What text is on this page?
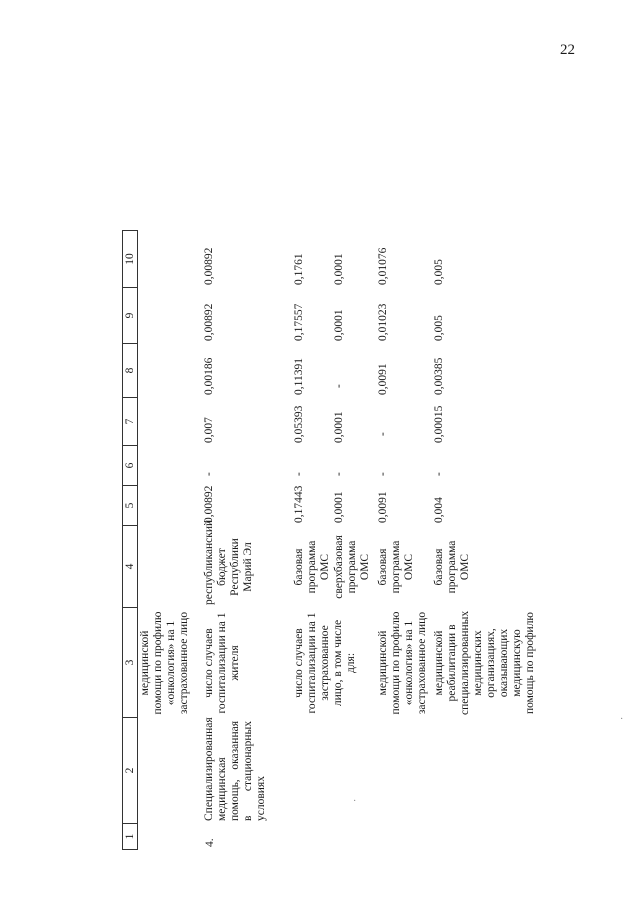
22
1
2
3
4
5
6
7
8
9
10
медицинской помощи по профилю «онкология» на 1 застрахованное лицо
4.
Специализированная медицинская помощь, оказанная в стационарных условиях
число случаев госпитализации на 1 жителя
республиканский бюджет Республики Марий Эл
0,00892
-
0,007
0,00186
0,00892
0,00892
число случаев госпитализации на 1 застрахованное лицо, в том числе для:
базовая программа ОМС
0,17443
-
0,05393
0,11391
0,17557
0,1761
сверхбазовая программа ОМС
0,0001
-
0,0001
-
0,0001
0,0001
медицинской помощи по профилю «онкология» на 1 застрахованное лицо
базовая программа ОМС
0,0091
-
-
0,0091
0,01023
0,01076
медицинской реабилитации в специализированных медицинских организациях, оказывающих медицинскую помощь по профилю
базовая программа ОМС
0,004
-
0,00015
0,00385
0,005
0,005
·
·
